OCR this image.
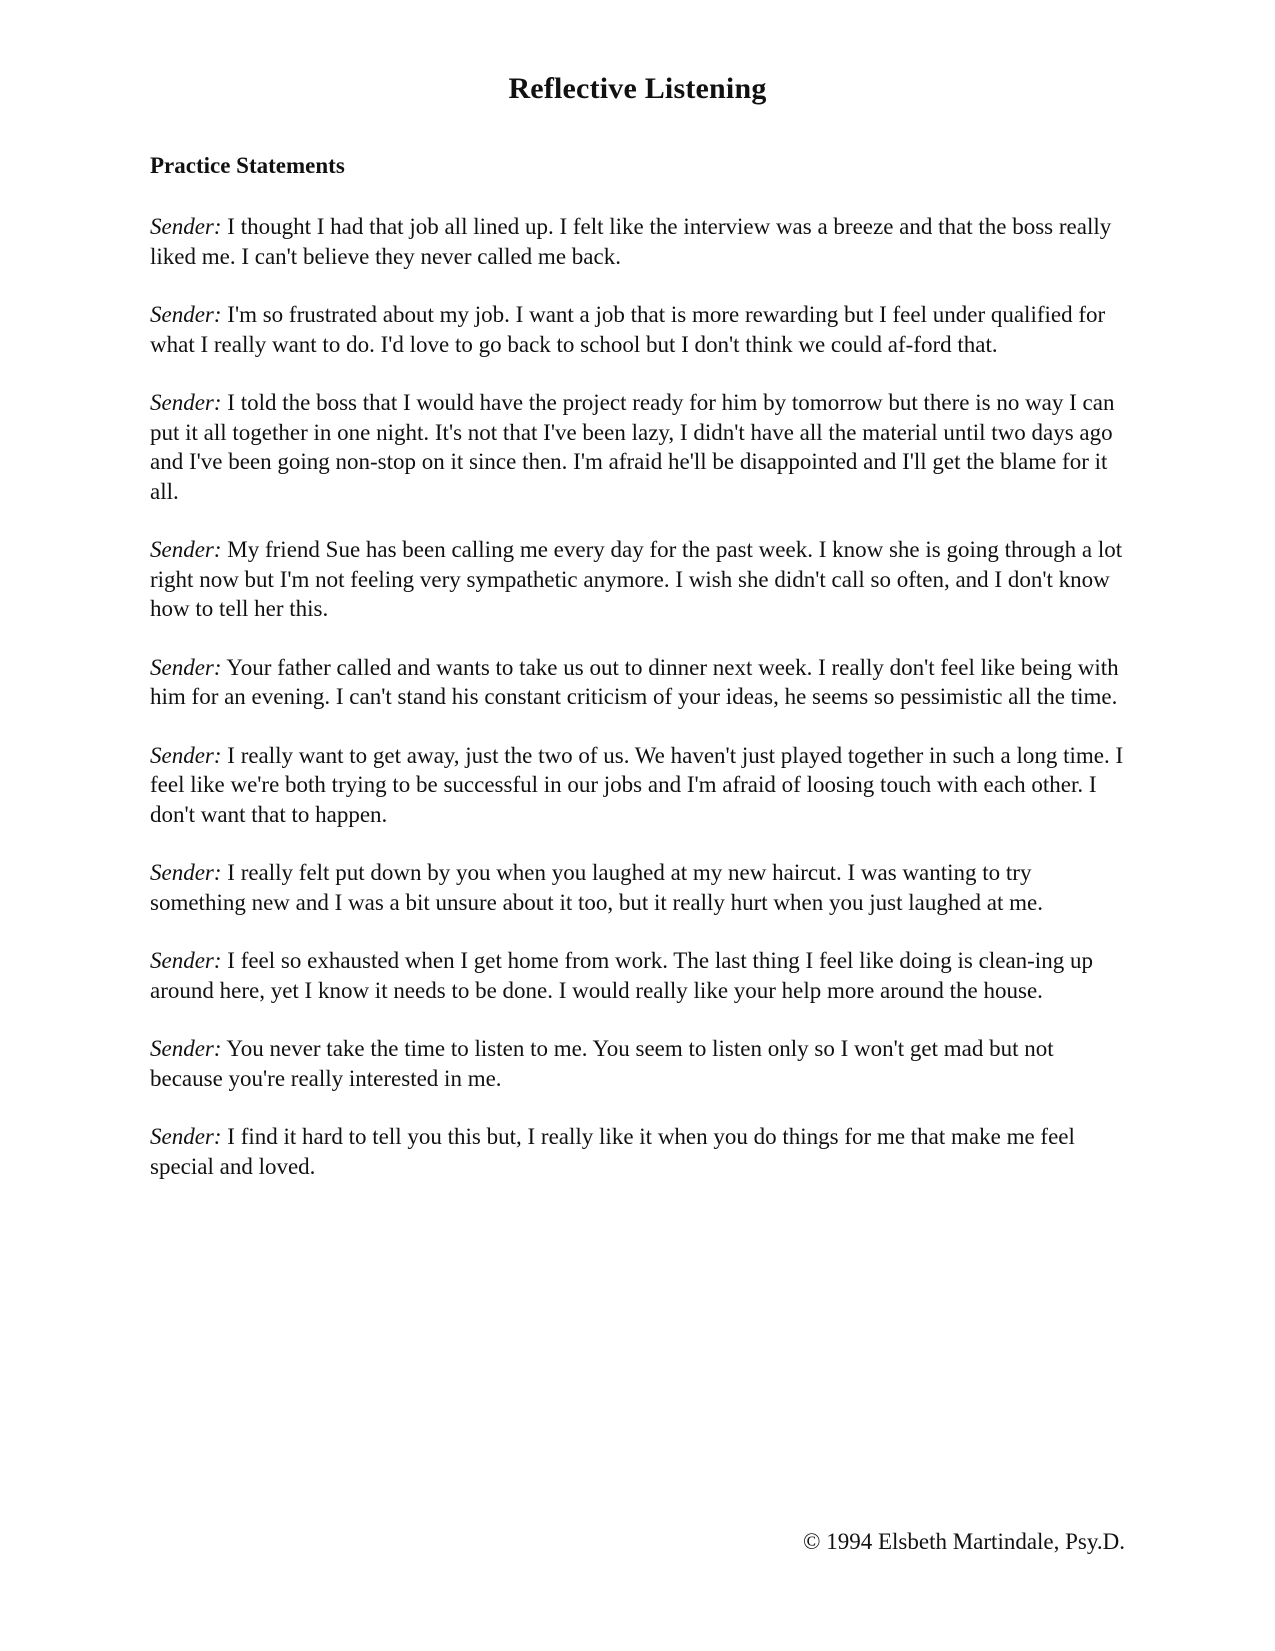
Reflective Listening
Practice Statements

Sender: I thought I had that job all lined up. I felt like the interview was a breeze and that the boss really liked me. I can't believe they never called me back.

Sender: I'm so frustrated about my job. I want a job that is more rewarding but I feel under qualified for what I really want to do. I'd love to go back to school but I don't think we could af-ford that.

Sender: I told the boss that I would have the project ready for him by tomorrow but there is no way I can put it all together in one night. It's not that I've been lazy, I didn't have all the material until two days ago and I've been going non-stop on it since then. I'm afraid he'll be disappointed and I'll get the blame for it all.

Sender: My friend Sue has been calling me every day for the past week. I know she is going through a lot right now but I'm not feeling very sympathetic anymore. I wish she didn't call so often, and I don't know how to tell her this.

Sender: Your father called and wants to take us out to dinner next week. I really don't feel like being with him for an evening. I can't stand his constant criticism of your ideas, he seems so pessimistic all the time.

Sender: I really want to get away, just the two of us. We haven't just played together in such a long time. I feel like we're both trying to be successful in our jobs and I'm afraid of loosing touch with each other. I don't want that to happen.

Sender: I really felt put down by you when you laughed at my new haircut. I was wanting to try something new and I was a bit unsure about it too, but it really hurt when you just laughed at me.

Sender: I feel so exhausted when I get home from work. The last thing I feel like doing is clean-ing up around here, yet I know it needs to be done. I would really like your help more around the house.

Sender: You never take the time to listen to me. You seem to listen only so I won't get mad but not because you're really interested in me.

Sender: I find it hard to tell you this but, I really like it when you do things for me that make me feel special and loved.

© 1994 Elsbeth Martindale, Psy.D.
